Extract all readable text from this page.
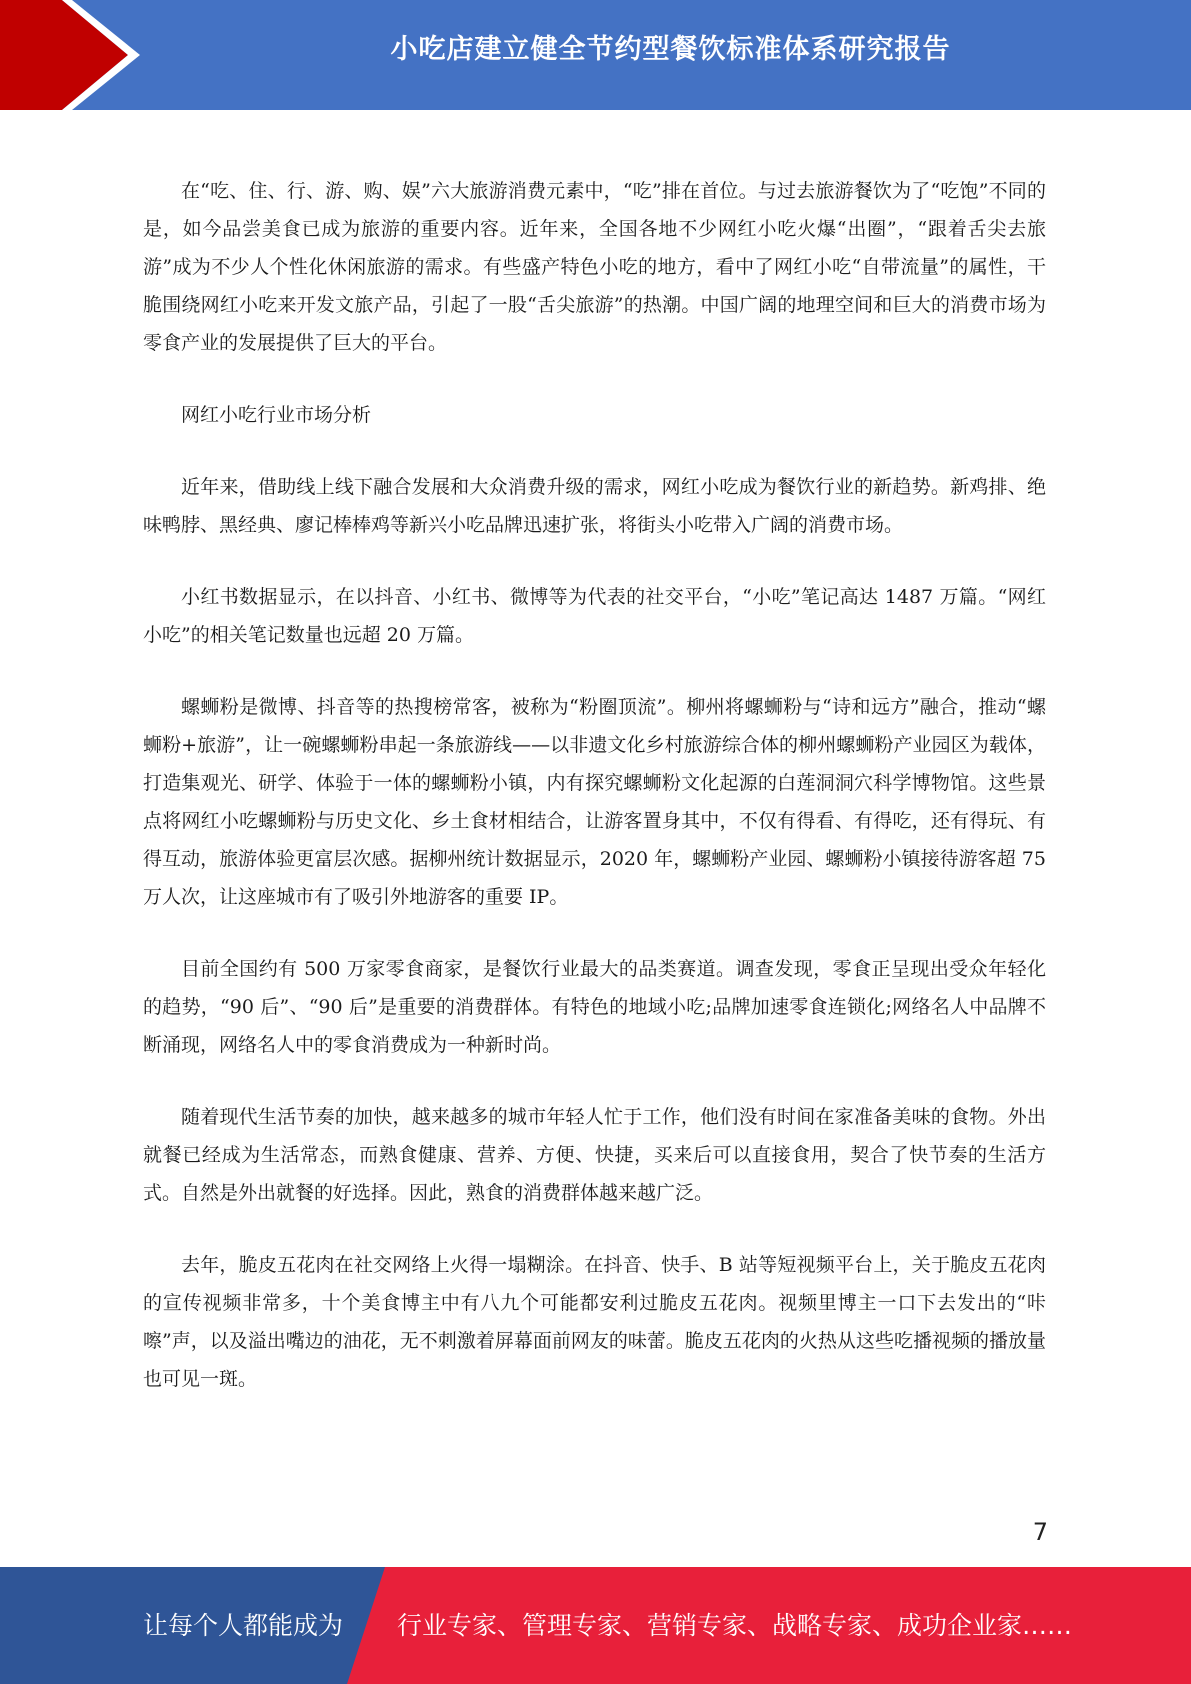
小吃店建立健全节约型餐饮标准体系研究报告

在“吃、住、行、游、购、娱”六大旅游消费元素中，“吃”排在首位。与过去旅游餐饮为了“吃饱”不同的是，如今品尝美食已成为旅游的重要内容。近年来，全国各地不少网红小吃火爆“出圈”，“跟着舌尖去旅游”成为不少人个性化休闲旅游的需求。有些盛产特色小吃的地方，看中了网红小吃“自带流量”的属性，干脆围绕网红小吃来开发文旅产品，引起了一股“舌尖旅游”的热潮。中国广阔的地理空间和巨大的消费市场为零食产业的发展提供了巨大的平台。

网红小吃行业市场分析

近年来，借助线上线下融合发展和大众消费升级的需求，网红小吃成为餐饮行业的新趋势。新鸡排、绝味鸭脖、黑经典、廖记棒棒鸡等新兴小吃品牌迅速扩张，将街头小吃带入广阔的消费市场。

小红书数据显示，在以抖音、小红书、微博等为代表的社交平台，“小吃”笔记高达 1487 万篇。“网红小吃”的相关笔记数量也远超 20 万篇。

螺蛳粉是微博、抖音等的热搜榜常客，被称为“粉圈顶流”。柳州将螺蛳粉与“诗和远方”融合，推动“螺蛳粉+旅游”，让一碗螺蛳粉串起一条旅游线——以非遗文化乡村旅游综合体的柳州螺蛳粉产业园区为载体，打造集观光、研学、体验于一体的螺蛳粉小镇，内有探究螺蛳粉文化起源的白莲洞洞穴科学博物馆。这些景点将网红小吃螺蛳粉与历史文化、乡土食材相结合，让游客置身其中，不仅有得看、有得吃，还有得玩、有得互动，旅游体验更富层次感。据柳州统计数据显示，2020 年，螺蛳粉产业园、螺蛳粉小镇接待游客超 75 万人次，让这座城市有了吸引外地游客的重要 IP。

目前全国约有 500 万家零食商家，是餐饮行业最大的品类赛道。调查发现，零食正呈现出受众年轻化的趋势，“90 后”、“90 后”是重要的消费群体。有特色的地域小吃;品牌加速零食连锁化;网络名人中品牌不断涌现，网络名人中的零食消费成为一种新时尚。

随着现代生活节奏的加快，越来越多的城市年轻人忙于工作，他们没有时间在家准备美味的食物。外出就餐已经成为生活常态，而熟食健康、营养、方便、快捷，买来后可以直接食用，契合了快节奏的生活方式。自然是外出就餐的好选择。因此，熟食的消费群体越来越广泛。

去年，脆皮五花肉在社交网络上火得一塌糊涂。在抖音、快手、B 站等短视频平台上，关于脆皮五花肉的宣传视频非常多，十个美食博主中有八九个可能都安利过脆皮五花肉。视频里博主一口下去发出的“咔嚓”声，以及溢出嘴边的油花，无不刺激着屏幕面前网友的味蕾。脆皮五花肉的火热从这些吃播视频的播放量也可见一斑。

7
让每个人都能成为 行业专家、管理专家、营销专家、战略专家、成功企业家……
